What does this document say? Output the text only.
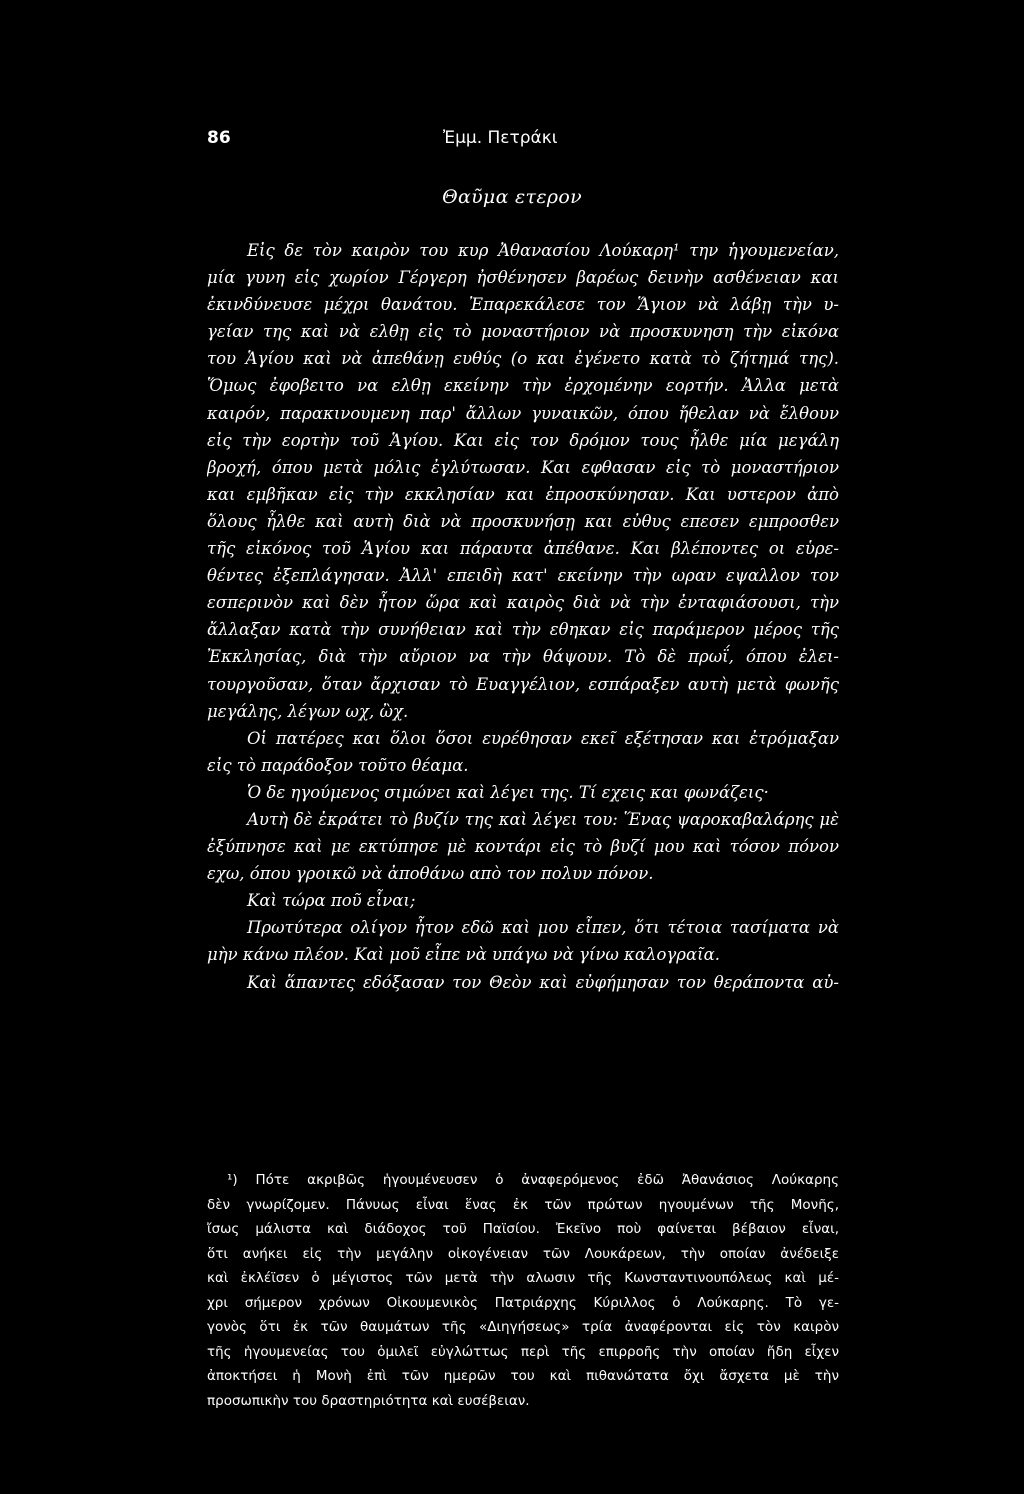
86	Ἐμμ. Πετράκι
Θαῦμα ετερον
Εἰς δε τὸν καιρὸν του κυρ Ἀθανασίου Λούκαρη¹ την ἡγουμενείαν,
μία γυνη εἰς χωρίον Γέργερη ἠσθένησεν βαρέως δεινὴν ασθένειαν και
ἐκινδύνευσε μέχρι θανάτου. Ἐπαρεκάλεσε τον Ἅγιον νὰ λάβῃ τὴν υ-
γείαν της καὶ νὰ ελθῃ εἰς τὸ μοναστήριον νὰ προσκυνηση τὴν εἰκόνα
του Ἁγίου καὶ νὰ ἀπεθάνῃ ευθύς (ο και ἐγένετο κατὰ τὸ ζήτημά της).
Ὅμως ἐφοβειτο να ελθῃ εκείνην τὴν ἐρχομένην εορτήν. Ἀλλα μετὰ
καιρόν, παρακινουμενη παρ' ἄλλων γυναικῶν, όπου ἤθελαν νὰ ἔλθουν
εἰς τὴν εορτὴν τοῦ Ἁγίου. Και εἰς τον δρόμον τους ἦλθε μία μεγάλη
βροχή, όπου μετὰ μόλις ἐγλύτωσαν. Και εφθασαν εἰς τὸ μοναστήριον
και εμβῆκαν εἰς τὴν εκκλησίαν και ἐπροσκύνησαν. Και υστερον ἀπὸ
ὅλους ἦλθε καὶ αυτὴ διὰ νὰ προσκυνήσῃ και εὐθυς επεσεν εμπροσθεν
τῆς εἰκόνος τοῦ Ἁγίου και πάραυτα ἀπέθανε. Και βλέποντες οι εὑρε-
θέντες ἐξεπλάγησαν. Ἀλλ' επειδὴ κατ' εκείνην τὴν ωραν εψαλλον τον
εσπερινὸν καὶ δὲν ἦτον ὥρα καὶ καιρὸς διὰ νὰ τὴν ἐνταφιάσουσι, τὴν
ἄλλαξαν κατὰ τὴν συνήθειαν καὶ τὴν εθηκαν εἰς παράμερον μέρος τῆς
Ἐκκλησίας, διὰ τὴν αὔριον να τὴν θάψουν. Τὸ δὲ πρωΐ, όπου ἐλει-
τουργοῦσαν, ὅταν ἄρχισαν τὸ Ευαγγέλιον, εσπάραξεν αυτὴ μετὰ φωνῆς
μεγάλης, λέγων ωχ, ὢχ.
Οἱ πατέρες και ὅλοι ὅσοι ευρέθησαν εκεῖ εξέτησαν και ἐτρόμαξαν
εἰς τὸ παράδοξον τοῦτο θέαμα.
Ὁ δε ηγούμενος σιμώνει καὶ λέγει της. Τί εχεις και φωνάζεις·
Αυτὴ δὲ ἐκράτει τὸ βυζίν της καὶ λέγει του: Ἕνας ψαροκαβαλάρης μὲ
ἐξύπνησε καὶ με εκτύπησε μὲ κοντάρι εἰς τὸ βυζί μου καὶ τόσον πόνον
εχω, όπου γροικῶ νὰ ἀποθάνω απὸ τον πολυν πόνον.
Καὶ τώρα ποῦ εἶναι;
Πρωτύτερα ολίγον ἦτον εδῶ καὶ μου εἶπεν, ὅτι τέτοια τασίματα νὰ
μὴν κάνω πλέον. Καὶ μοῦ εἶπε νὰ υπάγω νὰ γίνω καλογραῖα.
Καὶ ἅπαντες εδόξασαν τον Θεὸν καὶ εὐφήμησαν τον θεράποντα αὐ-
¹) Πότε ακριβῶς ἡγουμένευσεν ὁ ἀναφερόμενος ἐδῶ Ἀθανάσιος Λούκαρης
δὲν γνωρίζομεν. Πάνυως εἶναι ἕνας ἐκ τῶν πρώτων ηγουμένων τῆς Μονῆς,
ἴσως μάλιστα καὶ διάδοχος τοῦ Παϊσίου. Ἐκεῖνο ποὺ φαίνεται βέβαιον εἶναι,
ὅτι ανήκει εἰς τὴν μεγάλην οἰκογένειαν τῶν Λουκάρεων, τὴν οποίαν ἀνέδειξε
καὶ ἐκλέϊσεν ὁ μέγιστος τῶν μετὰ τὴν αλωσιν τῆς Κωνσταντινουπόλεως καὶ μέ-
χρι σήμερον χρόνων Οἰκουμενικὸς Πατριάρχης Κύριλλος ὁ Λούκαρης. Τὸ γε-
γονὸς ὅτι ἐκ τῶν θαυμάτων τῆς «Διηγήσεως» τρία ἀναφέρονται εἰς τὸν καιρὸν
τῆς ἡγουμενείας του ὁμιλεῖ εὐγλώττως περὶ τῆς επιρροῆς τὴν οποίαν ἤδη εἶχεν
ἀποκτήσει ἡ Μονὴ ἐπὶ τῶν ημερῶν του καὶ πιθανώτατα ὄχι ἄσχετα μὲ τὴν
προσωπικὴν του δραστηριότητα καὶ ευσέβειαν.
